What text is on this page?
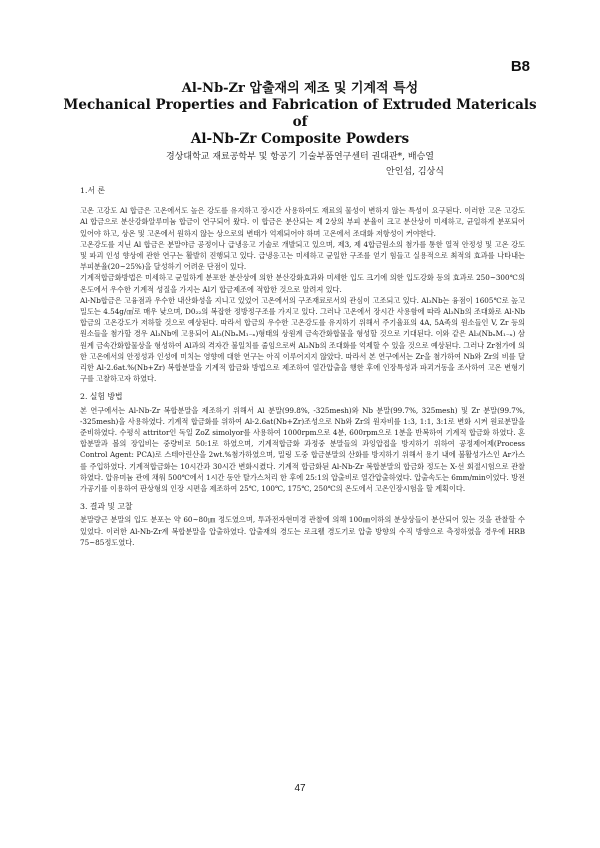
B8
Al-Nb-Zr 압출재의 제조 및 기계적 특성
Mechanical Properties and Fabrication of Extruded Matericals of
Al-Nb-Zr Composite Powders
경상대학교 재료공학부 및 항공기 기술부품연구센터 권대관*, 배승열
안인섭, 김상식
1.서 론

고온 고강도 Al 합금은 고온에서도 높은 강도를 유지하고 장시간 사용하여도 재료의 물성이 변하지 않는 특성이 요구된다. 이러한 고온 고강도 Al 합금으로 분산강화알루미늄 합금이 연구되어 왔다. 이 합금은 분산되는 제 2상의 부피 분율이 크고 분산상이 미세하고, 균일하게 분포되어 있어야 하고, 상온 및 고온에서 원하지 않는 상으로의 변태가 억제되어야 하며 고온에서 조대화 저항성이 커야한다.

고온강도를 지닌 Al 합금은 분말야금 공정이나 급냉응고 기술로 개발되고 있으며, 제3, 제 4합금원소의 첨가를 통한 열적 안정성 및 고온 강도 및 파괴 인성 향상에 관한 연구는 활발히 진행되고 있다. 급냉응고는 미세하고 균일한 구조를 얻기 힘들고 실용적으로 최적의 효과를 나타내는 부피분율(20~25%)을 달성하기 어려운 단점이 있다.

기계적합금화방법은 미세하고 균일하게 분포한 분산상에 의한 분산강화효과와 미세한 입도 크기에 의한 입도강화 등의 효과로 250~300℃의 온도에서 우수한 기계적 성질을 가지는 Al기 합금제조에 적합한 것으로 알려져 있다.

Al-Nb합금은 고융점과 우수한 내산화성을 지니고 있었어 고온에서의 구조재료로서의 관심이 고조되고 있다. Al₃Nb는 융점이 1605℃로 높고 밀도는 4.54g/㎤로 매우 낮으며, D0₂₂의 복잡한 정방정구조를 가지고 있다. 그러나 고온에서 장시간 사용함에 따라 Al₃Nb의 조대화로 Al-Nb합금의 고온강도가 저하할 것으로 예상된다. 따라서 합금의 우수한 고온강도를 유지하기 위해서 주기율표의 4A, 5A족의 원소들인 V, Zr 등의 원소들을 첨가할 경우 Al₃Nb에 고용되어 Al₃(NbₓM₁₋ₓ)형태의 상원계 금속간화합물을 형성할 것으로 기대된다. 이와 같은 Al₃(NbₓM₁₋ₓ) 삼원계 금속간화합물상을 형성하여 Al과의 격자간 불일치를 줄임으로써 Al₃Nb의 조대화를 억제할 수 있을 것으로 예상된다. 그러나 Zr첨가에 의한 고온에서의 안정성과 인성에 미치는 영향에 대한 연구는 아직 이루어지지 않았다. 따라서 본 연구에서는 Zr을 첨가하여 Nb와 Zr의 비를 달리한 Al-2.6at.%(Nb+Zr) 복합분말을 기계적 합금화 방법으로 제조하여 열간압출을 행한 후에 인장특성과 파괴거동을 조사하여 고온 변형기구를 고찰하고자 하였다.

2. 실험 방법

본 연구에서는 Al-Nb-Zr 복합분말을 제조하기 위해서 Al 분말(99.8%, -325mesh)와 Nb 분말(99.7%, 325mesh) 및 Zr 분말(99.7%, -325mesh)을 사용하였다. 기계적 합금화를 위하여 Al-2.6at(Nb+Zr)조성으로 Nb와 Zr의 원자비를 1:3, 1:1, 3:1로 변화 시켜 원료분말을 준비하였다. 수평식 attritor인 독일 ZoZ simolyor를 사용하여 1000rpm으로 4분, 600rpm으로 1분을 반복하여 기계적 합금화 하였다. 혼합분말과 볼의 장입비는 중량비로 50:1로 하였으며, 기계적합금화 과정중 분말들의 과잉압접을 방지하기 위하여 공정제어제(Process Control Agent: PCA)로 스테아린산을 2wt.%첨가하였으며, 밀링 도중 합금분말의 산화를 방지하기 위해서 용기 내에 불활성가스인 Ar가스를 주입하였다. 기계적합금화는 10시간과 30시간 변화시켰다. 기계적 합금화된 Al-Nb-Zr 복합분말의 합금화 정도는 X-선 회절시험으로 관찰하였다. 압유미늄 관에 채워 500℃에서 1시간 동안 탈가스처리 한 후에 25:1의 압출비로 열간압출하였다. 압출속도는 6mm/min이었다. 방전가공기를 이용하여 판상형의 인장 시편을 제조하여 25℃, 100℃, 175℃, 250℃의 온도에서 고온인장시험을 할 계획이다.

3. 결과 및 고찰

분말량근 분말의 입도 분포는 약 60~80㎛ 정도였으며, 투과전자현미경 관찰에 의해 100㎚이하의 분상상들이 분산되어 있는 것을 관찰할 수 있었다. 이러한 Al-Nb-Zr계 복합분말을 압출하였다. 압출재의 경도는 로크웰 경도기로 압출 방향의 수직 방향으로 측정하였을 경우에 HRB 75~85정도였다.

47
